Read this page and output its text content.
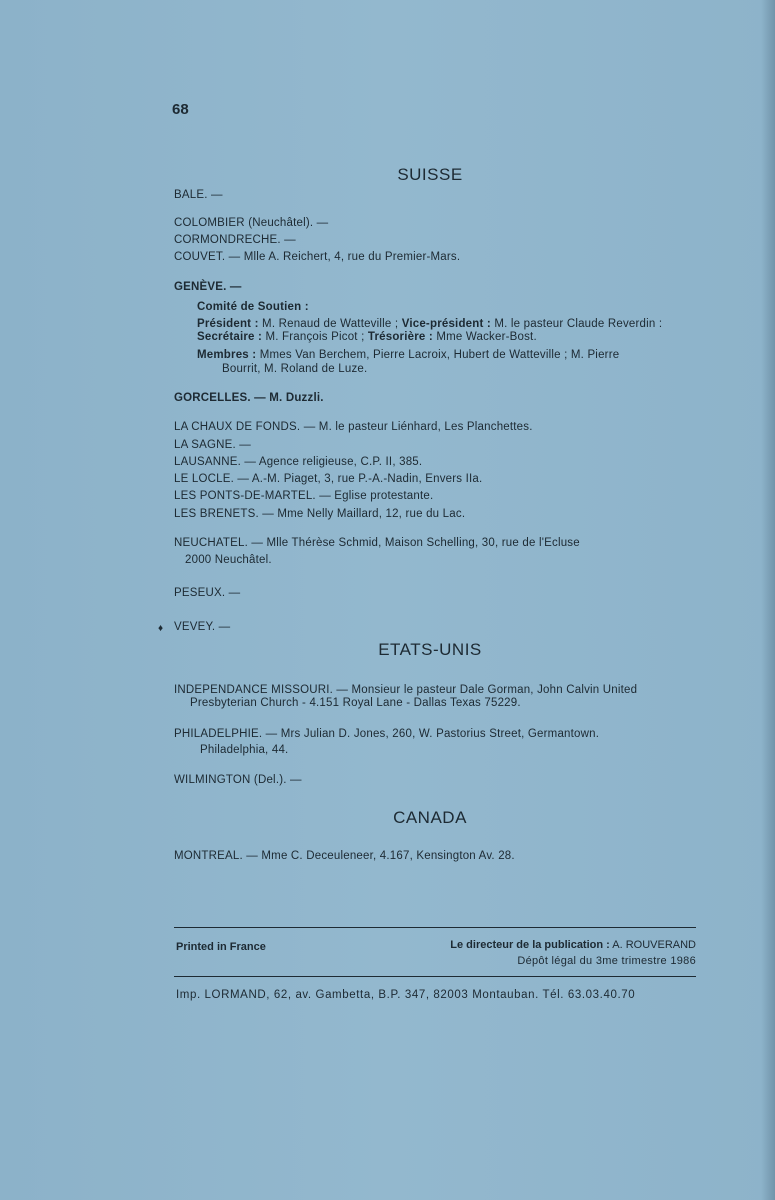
68
SUISSE
BALE. —
COLOMBIER (Neuchâtel). —
CORMONDRECHE. —
COUVET. — Mlle A. Reichert, 4, rue du Premier-Mars.
GENÈVE. —
Comité de Soutien :
Président : M. Renaud de Watteville ; Vice-président : M. le pasteur Claude Reverdin :
Secrétaire : M. François Picot ; Trésorière : Mme Wacker-Bost.
Membres : Mmes Van Berchem, Pierre Lacroix, Hubert de Watteville ; M. Pierre
Bourrit, M. Roland de Luze.
GORCELLES. — M. Duzzli.
LA CHAUX DE FONDS. — M. le pasteur Liénhard, Les Planchettes.
LA SAGNE. —
LAUSANNE. — Agence religieuse, C.P. II, 385.
LE LOCLE. — A.-M. Piaget, 3, rue P.-A.-Nadin, Envers IIa.
LES PONTS-DE-MARTEL. — Eglise protestante.
LES BRENETS. — Mme Nelly Maillard, 12, rue du Lac.
NEUCHATEL. — Mlle Thérèse Schmid, Maison Schelling, 30, rue de l'Ecluse
2000 Neuchâtel.
PESEUX. —
♦ VEVEY. —
ETATS-UNIS
INDEPENDANCE MISSOURI. — Monsieur le pasteur Dale Gorman, John Calvin United
Presbyterian Church - 4.151 Royal Lane - Dallas Texas 75229.
PHILADELPHIE. — Mrs Julian D. Jones, 260, W. Pastorius Street, Germantown.
Philadelphia, 44.
WILMINGTON (Del.). —
CANADA
MONTREAL. — Mme C. Deceuleneer, 4.167, Kensington Av. 28.
Printed in France	Le directeur de la publication : A. ROUVERAND
Dépôt légal du 3me trimestre 1986
Imp. LORMAND, 62, av. Gambetta, B.P. 347, 82003 Montauban. Tél. 63.03.40.70
